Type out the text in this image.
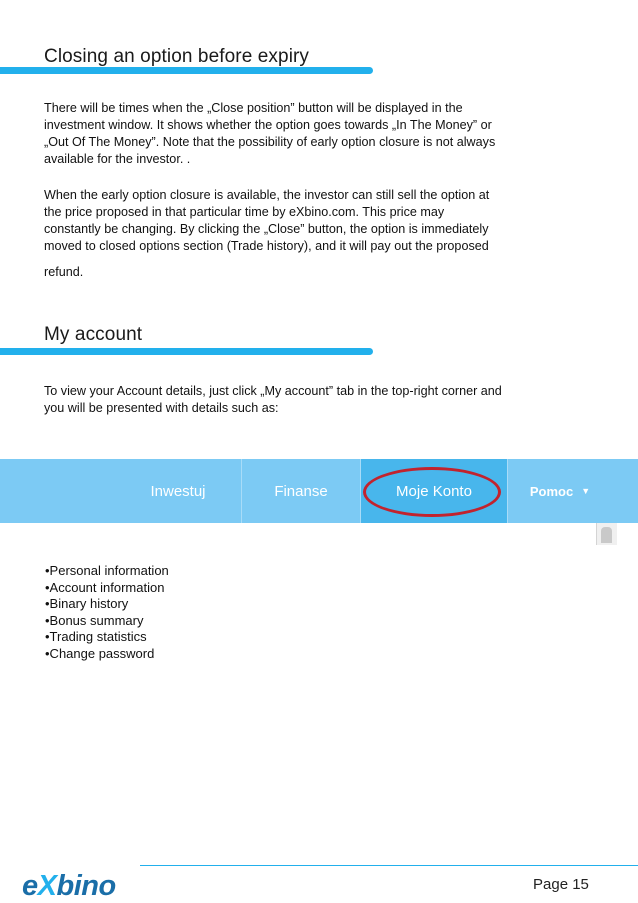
Closing an option before expiry

There will be times when the „Close position” button will be displayed in the
investment window. It shows whether the option goes towards „In The Money” or
„Out Of The Money”. Note that the possibility of early option closure is not always
available for the investor. .

When the early option closure is available, the investor can still sell the option at
the price proposed in that particular time by eXbino.com. This price may
constantly be changing. By clicking the „Close” button, the option is immediately
moved to closed options section (Trade history), and it will pay out the proposed

refund.

My account

To view your Account details, just click „My account” tab in the top-right corner and
you will be presented with details such as:

Inwestuj	Finanse	Moje Konto	Pomoc ▼
•Personal information
•Account information
•Binary history
•Bonus summary
•Trading statistics
•Change password
eXbino	Page 15
